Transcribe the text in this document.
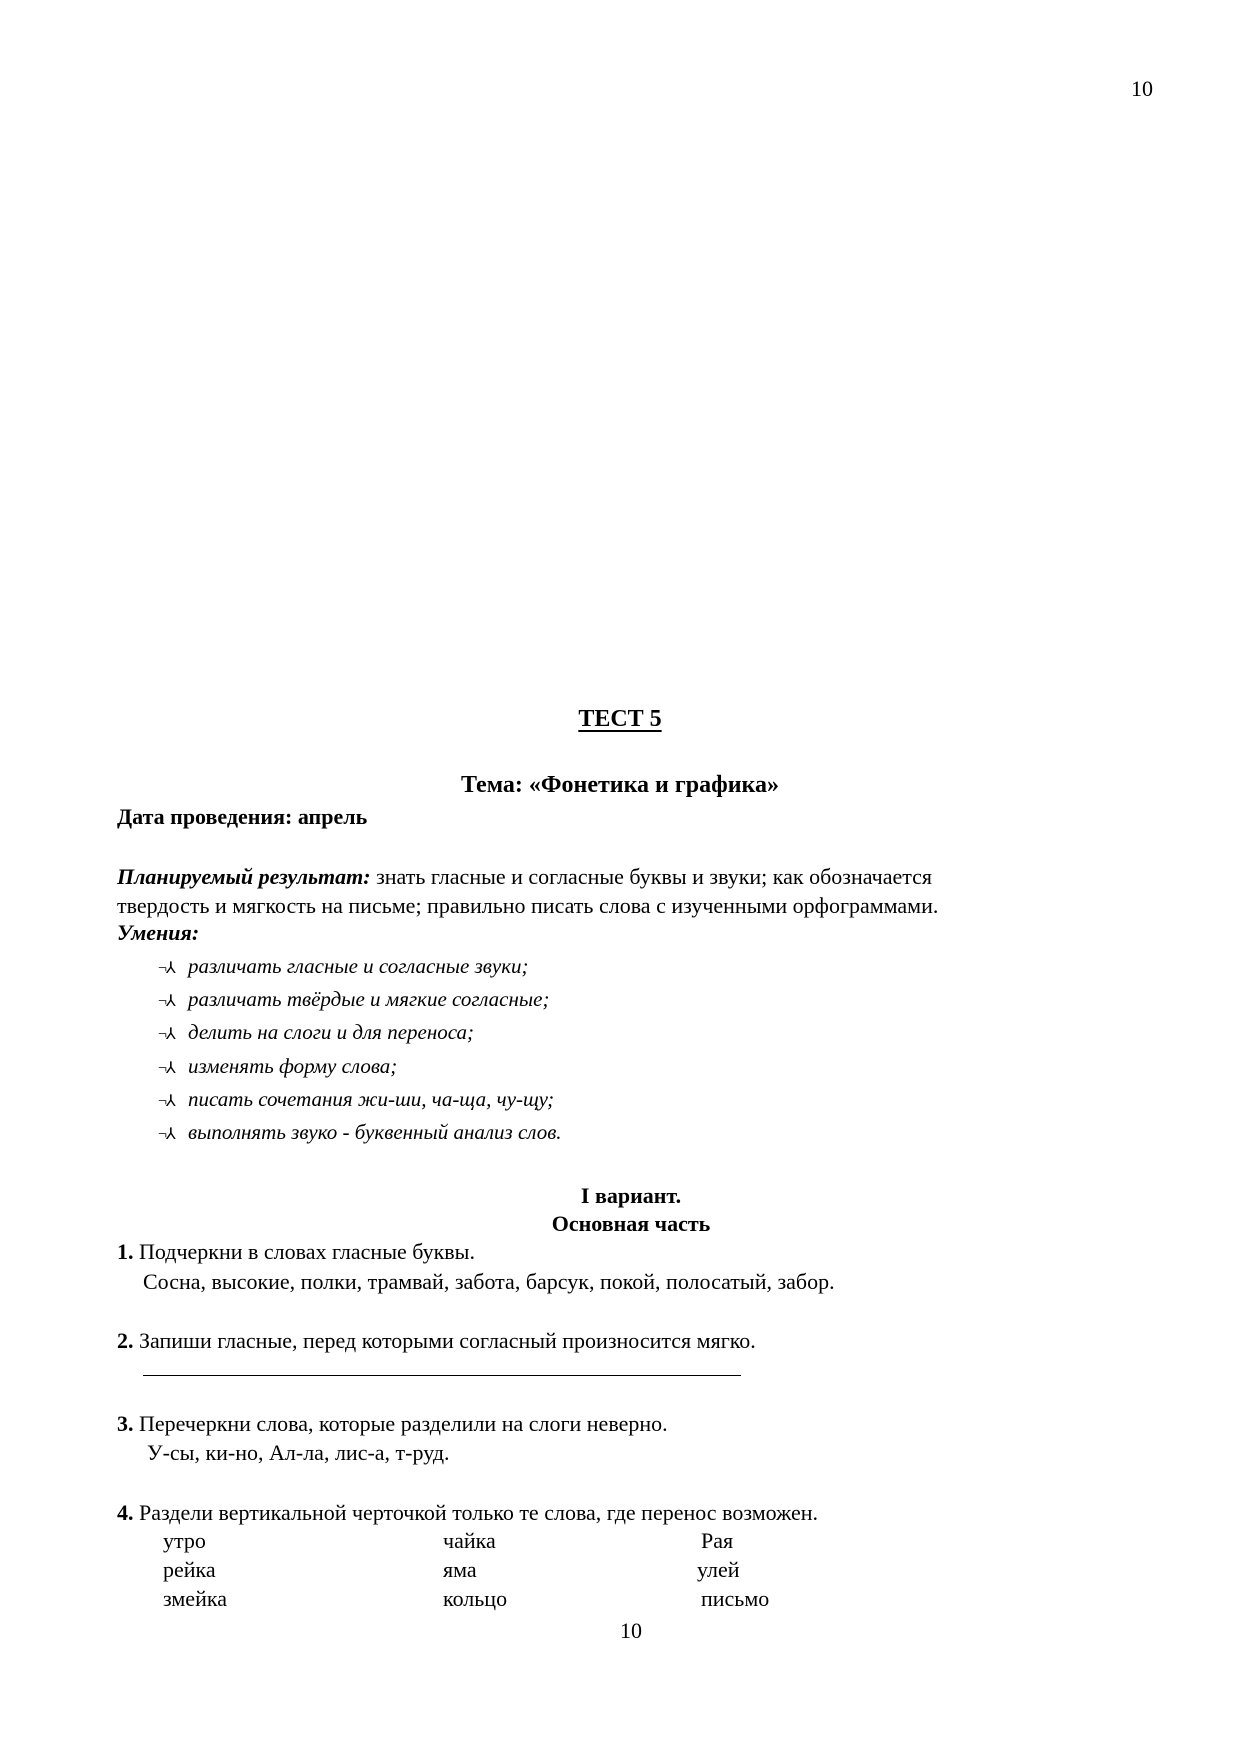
10
ТЕСТ 5
Тема: «Фонетика и графика»
Дата проведения: апрель
Планируемый результат: знать гласные и согласные буквы и звуки; как обозначается
твердость и мягкость на письме; правильно писать слова с изученными орфограммами.
Умения:
¬⅄ различать гласные и согласные звуки;
¬⅄ различать твёрдые и мягкие согласные;
¬⅄ делить на слоги и для переноса;
¬⅄ изменять форму слова;
¬⅄ писать сочетания жи-ши, ча-ща, чу-щу;
¬⅄ выполнять звуко - буквенный анализ слов.
I вариант.
Основная часть
1. Подчеркни в словах гласные буквы.
Сосна, высокие, полки, трамвай, забота, барсук, покой, полосатый, забор.
2. Запиши гласные, перед которыми согласный произносится мягко.
3. Перечеркни слова, которые разделили на слоги неверно.
У-сы, ки-но, Ал-ла, лис-а, т-руд.
4. Раздели вертикальной черточкой только те слова, где перенос возможен.
утро	чайка	Рая
рейка	яма	улей
змейка	кольцо	письмо
10
